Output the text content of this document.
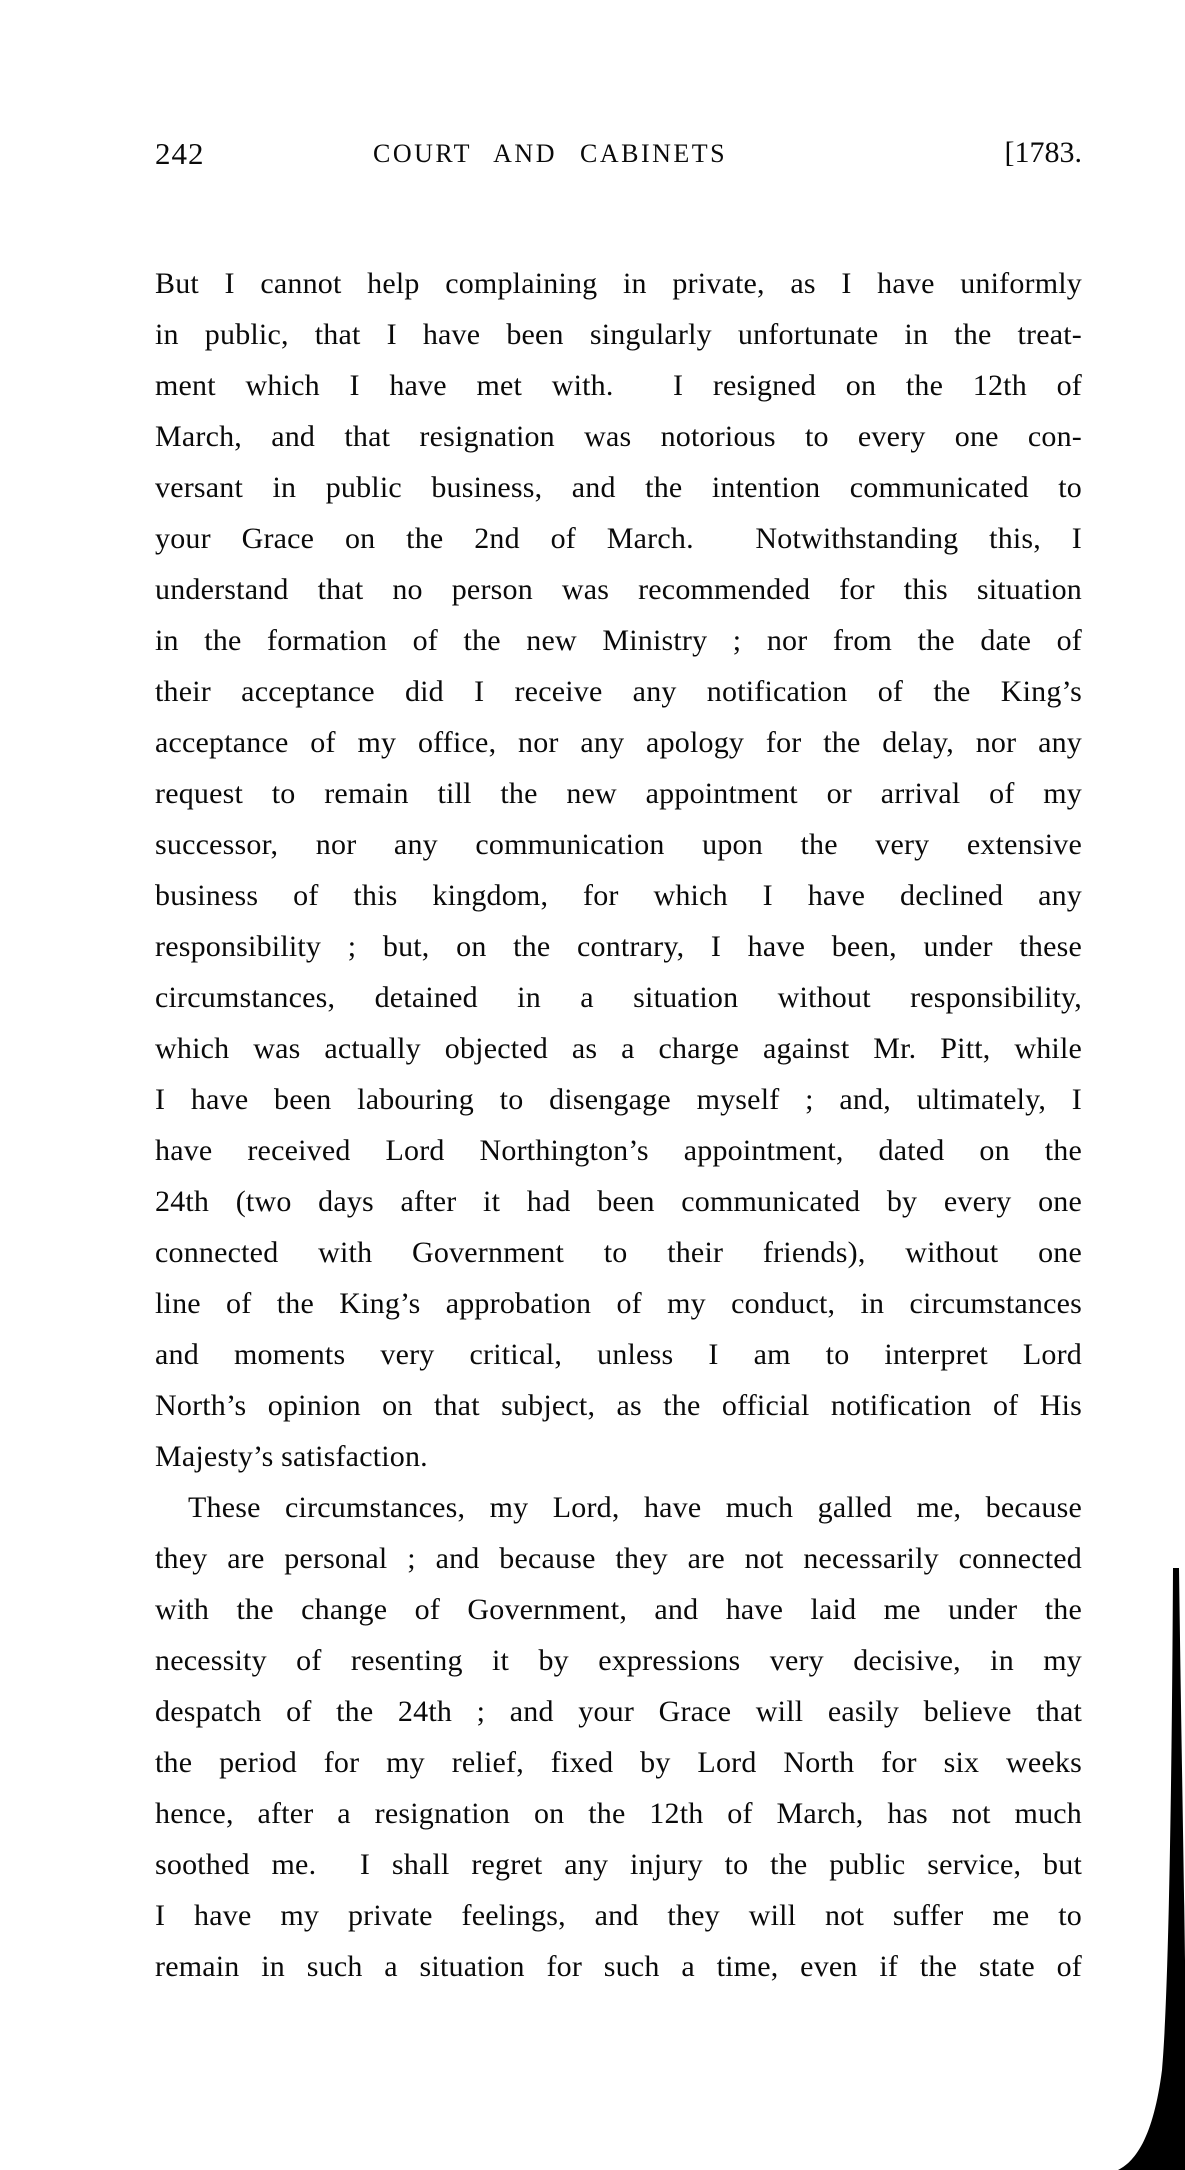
242	COURT AND CABINETS	[1783.
But I cannot help complaining in private, as I have uniformly
in public, that I have been singularly unfortunate in the treat-
ment which I have met with.  I resigned on the 12th of
March, and that resignation was notorious to every one con-
versant in public business, and the intention communicated to
your Grace on the 2nd of March.  Notwithstanding this, I
understand that no person was recommended for this situation
in the formation of the new Ministry ; nor from the date of
their acceptance did I receive any notification of the King’s
acceptance of my office, nor any apology for the delay, nor any
request to remain till the new appointment or arrival of my
successor, nor any communication upon the very extensive
business of this kingdom, for which I have declined any
responsibility ; but, on the contrary, I have been, under these
circumstances, detained in a situation without responsibility,
which was actually objected as a charge against Mr. Pitt, while
I have been labouring to disengage myself ; and, ultimately, I
have received Lord Northington’s appointment, dated on the
24th (two days after it had been communicated by every one
connected with Government to their friends), without one
line of the King’s approbation of my conduct, in circumstances
and moments very critical, unless I am to interpret Lord
North’s opinion on that subject, as the official notification of His
Majesty’s satisfaction.
These circumstances, my Lord, have much galled me, because
they are personal ; and because they are not necessarily connected
with the change of Government, and have laid me under the
necessity of resenting it by expressions very decisive, in my
despatch of the 24th ; and your Grace will easily believe that
the period for my relief, fixed by Lord North for six weeks
hence, after a resignation on the 12th of March, has not much
soothed me.  I shall regret any injury to the public service, but
I have my private feelings, and they will not suffer me to
remain in such a situation for such a time, even if the state of
